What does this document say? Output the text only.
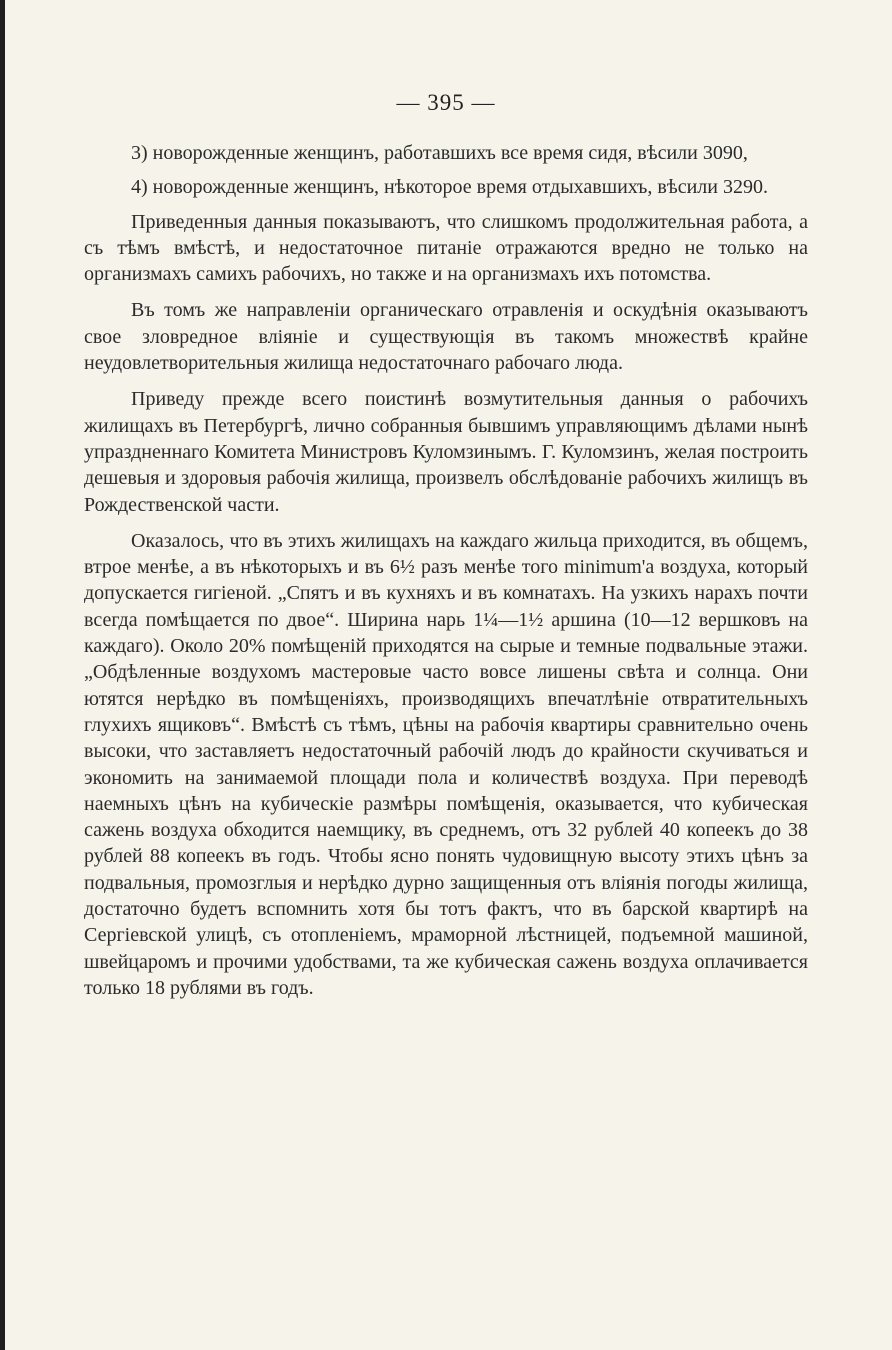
— 395 —

3) новорожденные женщинъ, работавшихъ все время сидя, вѣсили 3090,

4) новорожденные женщинъ, нѣкоторое время отдыхавшихъ, вѣсили 3290.

Приведенныя данныя показываютъ, что слишкомъ продолжительная работа, а съ тѣмъ вмѣстѣ, и недостаточное питаніе отражаются вредно не только на организмахъ самихъ рабочихъ, но также и на организмахъ ихъ потомства.

Въ томъ же направленіи органическаго отравленія и оскудѣнія оказываютъ свое зловредное вліяніе и существующія въ такомъ множествѣ крайне неудовлетворительныя жилища недостаточнаго рабочаго люда.

Приведу прежде всего поистинѣ возмутительныя данныя о рабочихъ жилищахъ въ Петербургѣ, лично собранныя бывшимъ управляющимъ дѣлами нынѣ упраздненнаго Комитета Министровъ Куломзинымъ. Г. Куломзинъ, желая построить дешевыя и здоровыя рабочія жилища, произвелъ обслѣдованіе рабочихъ жилищъ въ Рождественской части.

Оказалось, что въ этихъ жилищахъ на каждаго жильца приходится, въ общемъ, втрое менѣе, а въ нѣкоторыхъ и въ 6½ разъ менѣе того minimum'а воздуха, который допускается гигіеной. „Спятъ и въ кухняхъ и въ комнатахъ. На узкихъ нарахъ почти всегда помѣщается по двое“. Ширина нарь 1¼—1½ аршина (10—12 вершковъ на каждаго). Около 20% помѣщеній приходятся на сырые и темные подвальные этажи. „Обдѣленные воздухомъ мастеровые часто вовсе лишены свѣта и солнца. Они ютятся нерѣдко въ помѣщеніяхъ, производящихъ впечатлѣніе отвратительныхъ глухихъ ящиковъ“. Вмѣстѣ съ тѣмъ, цѣны на рабочія квартиры сравнительно очень высоки, что заставляетъ недостаточный рабочій людъ до крайности скучиваться и экономить на занимаемой площади пола и количествѣ воздуха. При переводѣ наемныхъ цѣнъ на кубическіе размѣры помѣщенія, оказывается, что кубическая сажень воздуха обходится наемщику, въ среднемъ, отъ 32 рублей 40 копеекъ до 38 рублей 88 копеекъ въ годъ. Чтобы ясно понять чудовищную высоту этихъ цѣнъ за подвальныя, промозглыя и нерѣдко дурно защищенныя отъ вліянія погоды жилища, достаточно будетъ вспомнить хотя бы тотъ фактъ, что въ барской квартирѣ на Сергіевской улицѣ, съ отопленіемъ, мраморной лѣстницей, подъемной машиной, швейцаромъ и прочими удобствами, та же кубическая сажень воздуха оплачивается только 18 рублями въ годъ.
